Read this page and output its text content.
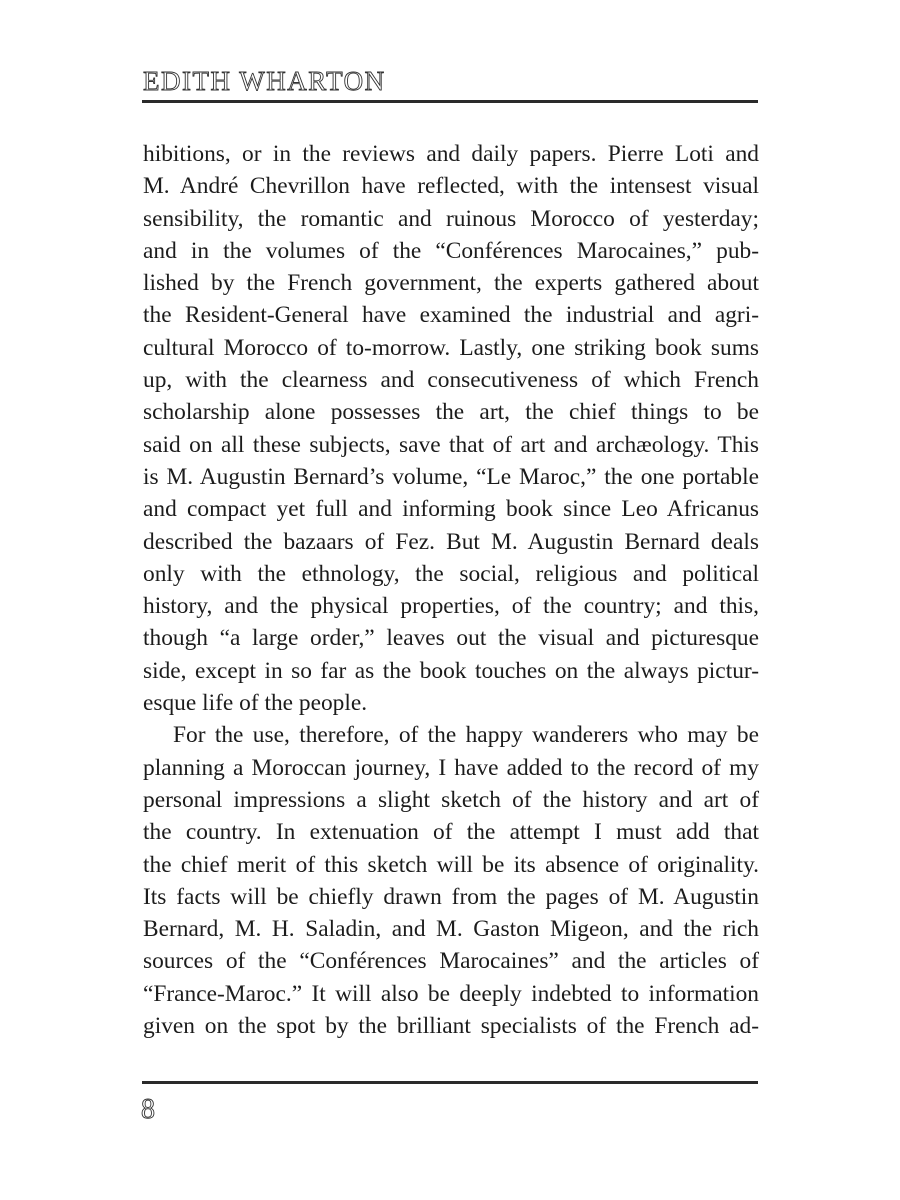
EDITH WHARTON
hibitions, or in the reviews and daily papers. Pierre Loti and
M. André Chevrillon have reflected, with the intensest visual
sensibility, the romantic and ruinous Morocco of yesterday;
and in the volumes of the “Conférences Marocaines,” pub-
lished by the French government, the experts gathered about
the Resident-General have examined the industrial and agri-
cultural Morocco of to-morrow. Lastly, one striking book sums
up, with the clearness and consecutiveness of which French
scholarship alone possesses the art, the chief things to be
said on all these subjects, save that of art and archæology. This
is M. Augustin Bernard’s volume, “Le Maroc,” the one portable
and compact yet full and informing book since Leo Africanus
described the bazaars of Fez. But M. Augustin Bernard deals
only with the ethnology, the social, religious and political
history, and the physical properties, of the country; and this,
though “a large order,” leaves out the visual and picturesque
side, except in so far as the book touches on the always pictur-
esque life of the people.
For the use, therefore, of the happy wanderers who may be
planning a Moroccan journey, I have added to the record of my
personal impressions a slight sketch of the history and art of
the country. In extenuation of the attempt I must add that
the chief merit of this sketch will be its absence of originality.
Its facts will be chiefly drawn from the pages of M. Augustin
Bernard, M. H. Saladin, and M. Gaston Migeon, and the rich
sources of the “Conférences Marocaines” and the articles of
“France-Maroc.” It will also be deeply indebted to information
given on the spot by the brilliant specialists of the French ad-
8
